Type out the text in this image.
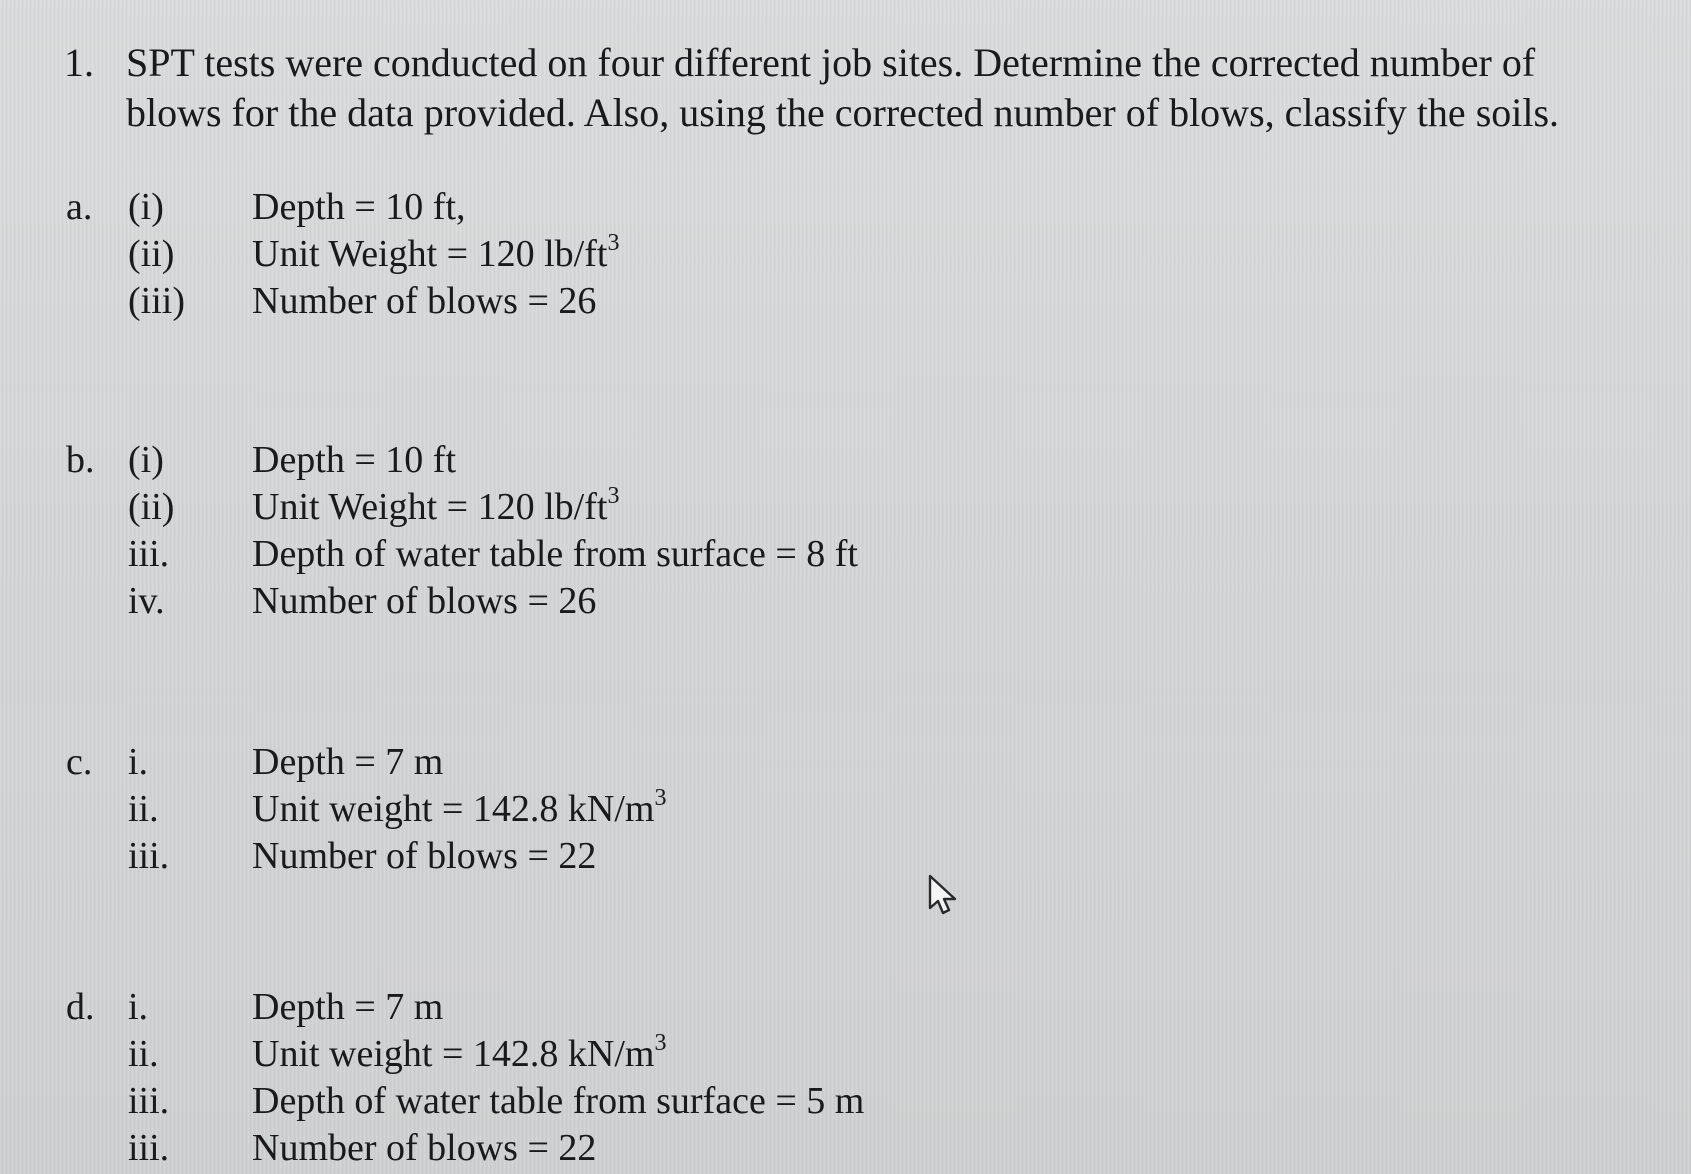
1. SPT tests were conducted on four different job sites. Determine the corrected number of
blows for the data provided. Also, using the corrected number of blows, classify the soils.
a. (i) Depth = 10 ft,
(ii) Unit Weight = 120 $lb/ft^3$
(iii) Number of blows = 26
b. (i) Depth = 10 ft
(ii) Unit Weight = 120 $lb/ft^3$
iii. Depth of water table from surface = 8 ft
iv. Number of blows = 26
c. i.	Depth = 7 m
ii. Unit weight = 142.8 $kN/m^3$
iii. Number of blows = 22
d. i.	Depth = 7 m
ii. Unit weight = 142.8 $kN/m^3$
iii. Depth of water table from surface = 5 m
iii. Number of blows = 22
